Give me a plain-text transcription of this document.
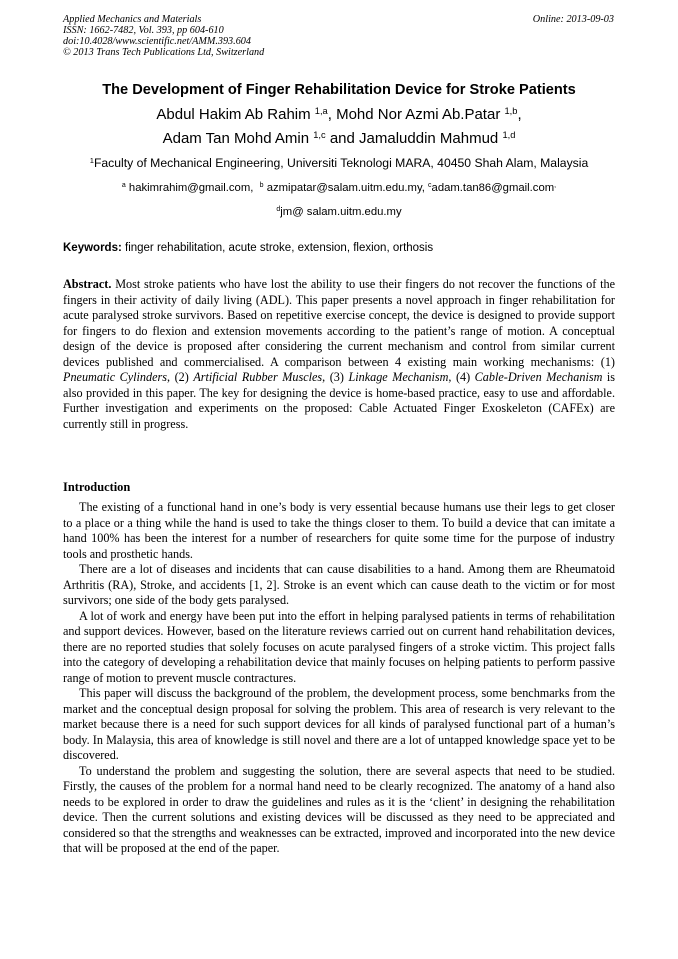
Applied Mechanics and Materials
ISSN: 1662-7482, Vol. 393, pp 604-610
doi:10.4028/www.scientific.net/AMM.393.604
© 2013 Trans Tech Publications Ltd, Switzerland
Online: 2013-09-03
The Development of Finger Rehabilitation Device for Stroke Patients
Abdul Hakim Ab Rahim $^{1,a}$, Mohd Nor Azmi Ab.Patar $^{1,b}$,
Adam Tan Mohd Amin $^{1,c}$ and Jamaluddin Mahmud $^{1,d}$
$^1$Faculty of Mechanical Engineering, Universiti Teknologi MARA, 40450 Shah Alam, Malaysia
$^a$ hakimrahim@gmail.com, $^b$ azmipatar@salam.uitm.edu.my, $^c$adam.tan86@gmail.com,
$^d$jm@ salam.uitm.edu.my
Keywords: finger rehabilitation, acute stroke, extension, flexion, orthosis
Abstract. Most stroke patients who have lost the ability to use their fingers do not recover the functions of the fingers in their activity of daily living (ADL). This paper presents a novel approach in finger rehabilitation for acute paralysed stroke survivors. Based on repetitive exercise concept, the device is designed to provide support for fingers to do flexion and extension movements according to the patient’s range of motion. A conceptual design of the device is proposed after considering the current mechanism and control from similar current devices published and commercialised. A comparison between 4 existing main working mechanisms: (1) Pneumatic Cylinders, (2) Artificial Rubber Muscles, (3) Linkage Mechanism, (4) Cable-Driven Mechanism is also provided in this paper. The key for designing the device is home-based practice, easy to use and affordable. Further investigation and experiments on the proposed: Cable Actuated Finger Exoskeleton (CAFEx) are currently still in progress.
Introduction

The existing of a functional hand in one’s body is very essential because humans use their legs to get closer to a place or a thing while the hand is used to take the things closer to them. To build a device that can imitate a hand 100% has been the interest for a number of researchers for quite some time for the purpose of industry tools and prosthetic hands.

There are a lot of diseases and incidents that can cause disabilities to a hand. Among them are Rheumatoid Arthritis (RA), Stroke, and accidents [1, 2]. Stroke is an event which can cause death to the victim or for most survivors; one side of the body gets paralysed.

A lot of work and energy have been put into the effort in helping paralysed patients in terms of rehabilitation and support devices. However, based on the literature reviews carried out on current hand rehabilitation devices, there are no reported studies that solely focuses on acute paralysed fingers of a stroke victim. This project falls into the category of developing a rehabilitation device that mainly focuses on helping patients to perform passive range of motion to prevent muscle contractures.

This paper will discuss the background of the problem, the development process, some benchmarks from the market and the conceptual design proposal for solving the problem. This area of research is very relevant to the market because there is a need for such support devices for all kinds of paralysed functional part of a human’s body. In Malaysia, this area of knowledge is still novel and there are a lot of untapped knowledge space yet to be discovered.

To understand the problem and suggesting the solution, there are several aspects that need to be studied. Firstly, the causes of the problem for a normal hand need to be clearly recognized. The anatomy of a hand also needs to be explored in order to draw the guidelines and rules as it is the ‘client’ in designing the rehabilitation device. Then the current solutions and existing devices will be discussed as they need to be appreciated and considered so that the strengths and weaknesses can be extracted, improved and incorporated into the new device that will be proposed at the end of the paper.
